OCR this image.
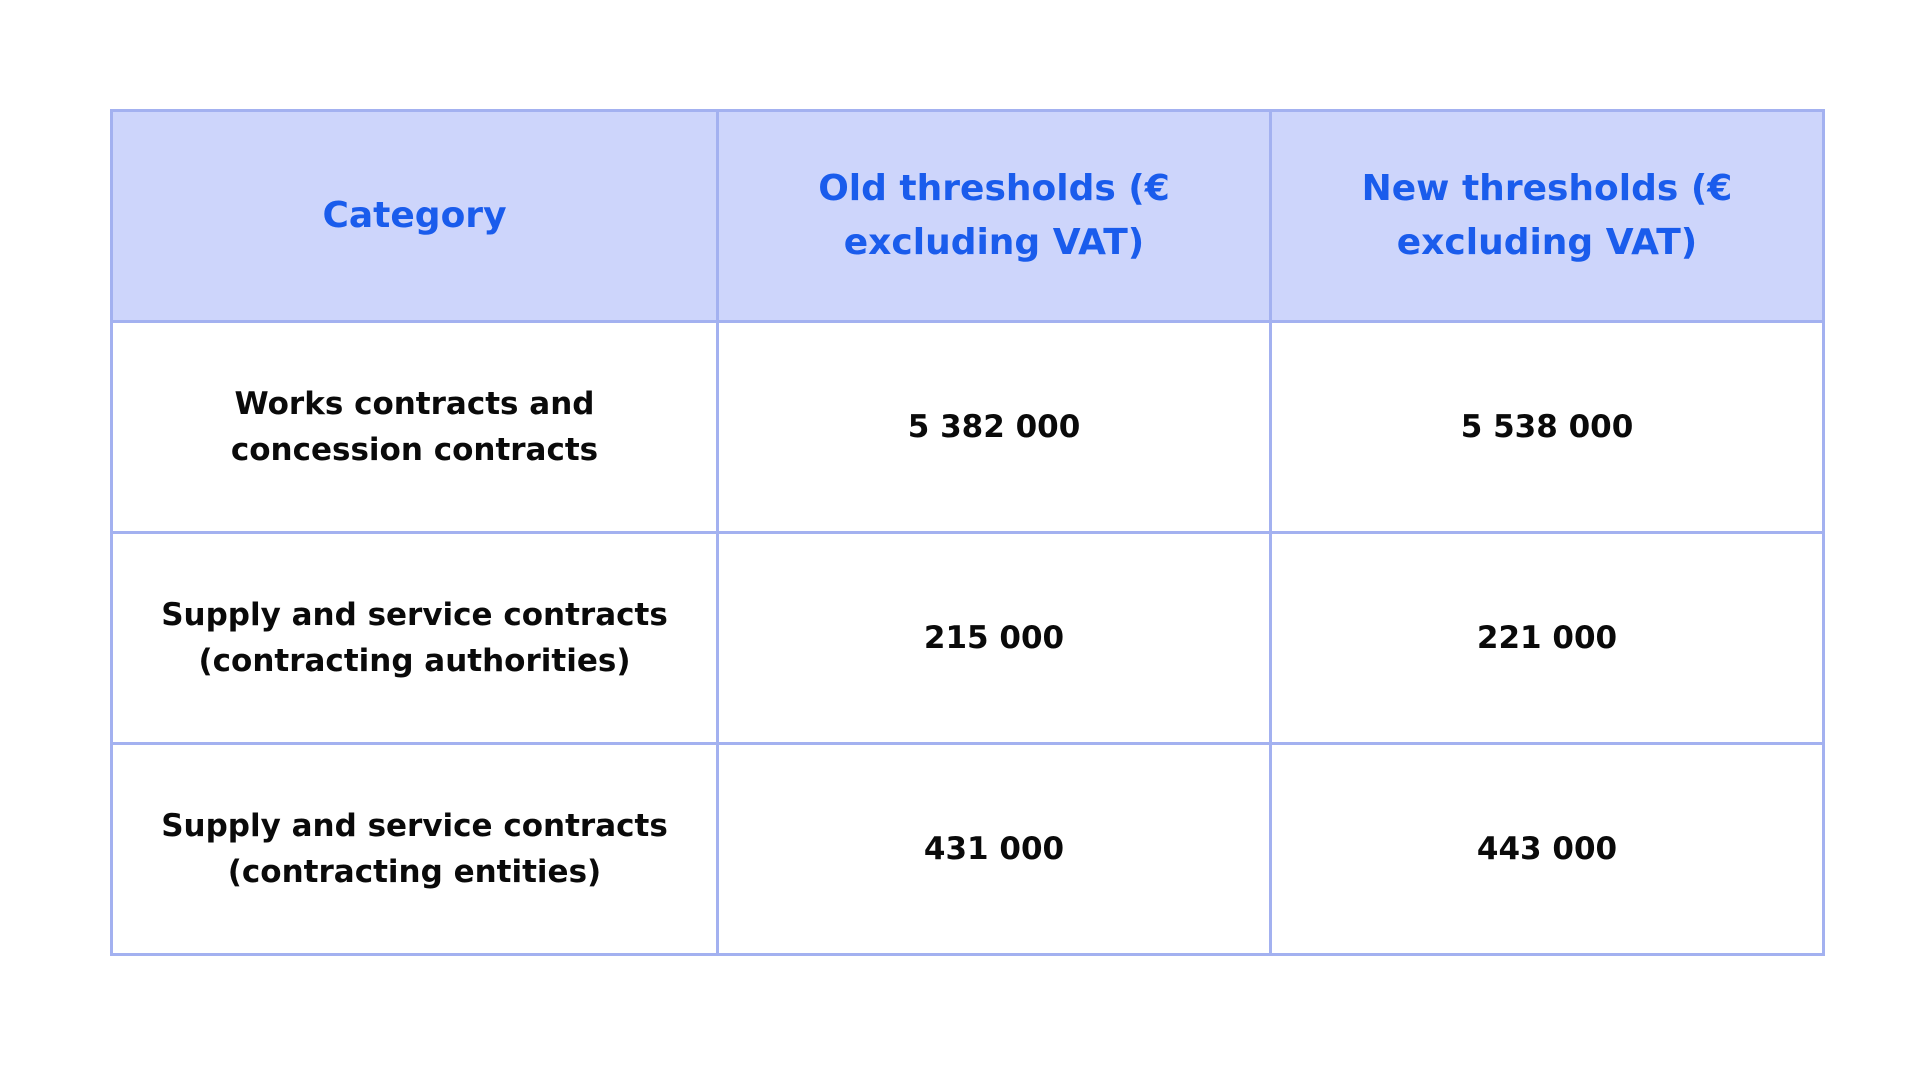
Category	Old thresholds (€ excluding VAT)	New thresholds (€ excluding VAT)
Works contracts and concession contracts	5 382 000	5 538 000
Supply and service contracts (contracting authorities)	215 000	221 000
Supply and service contracts (contracting entities)	431 000	443 000
